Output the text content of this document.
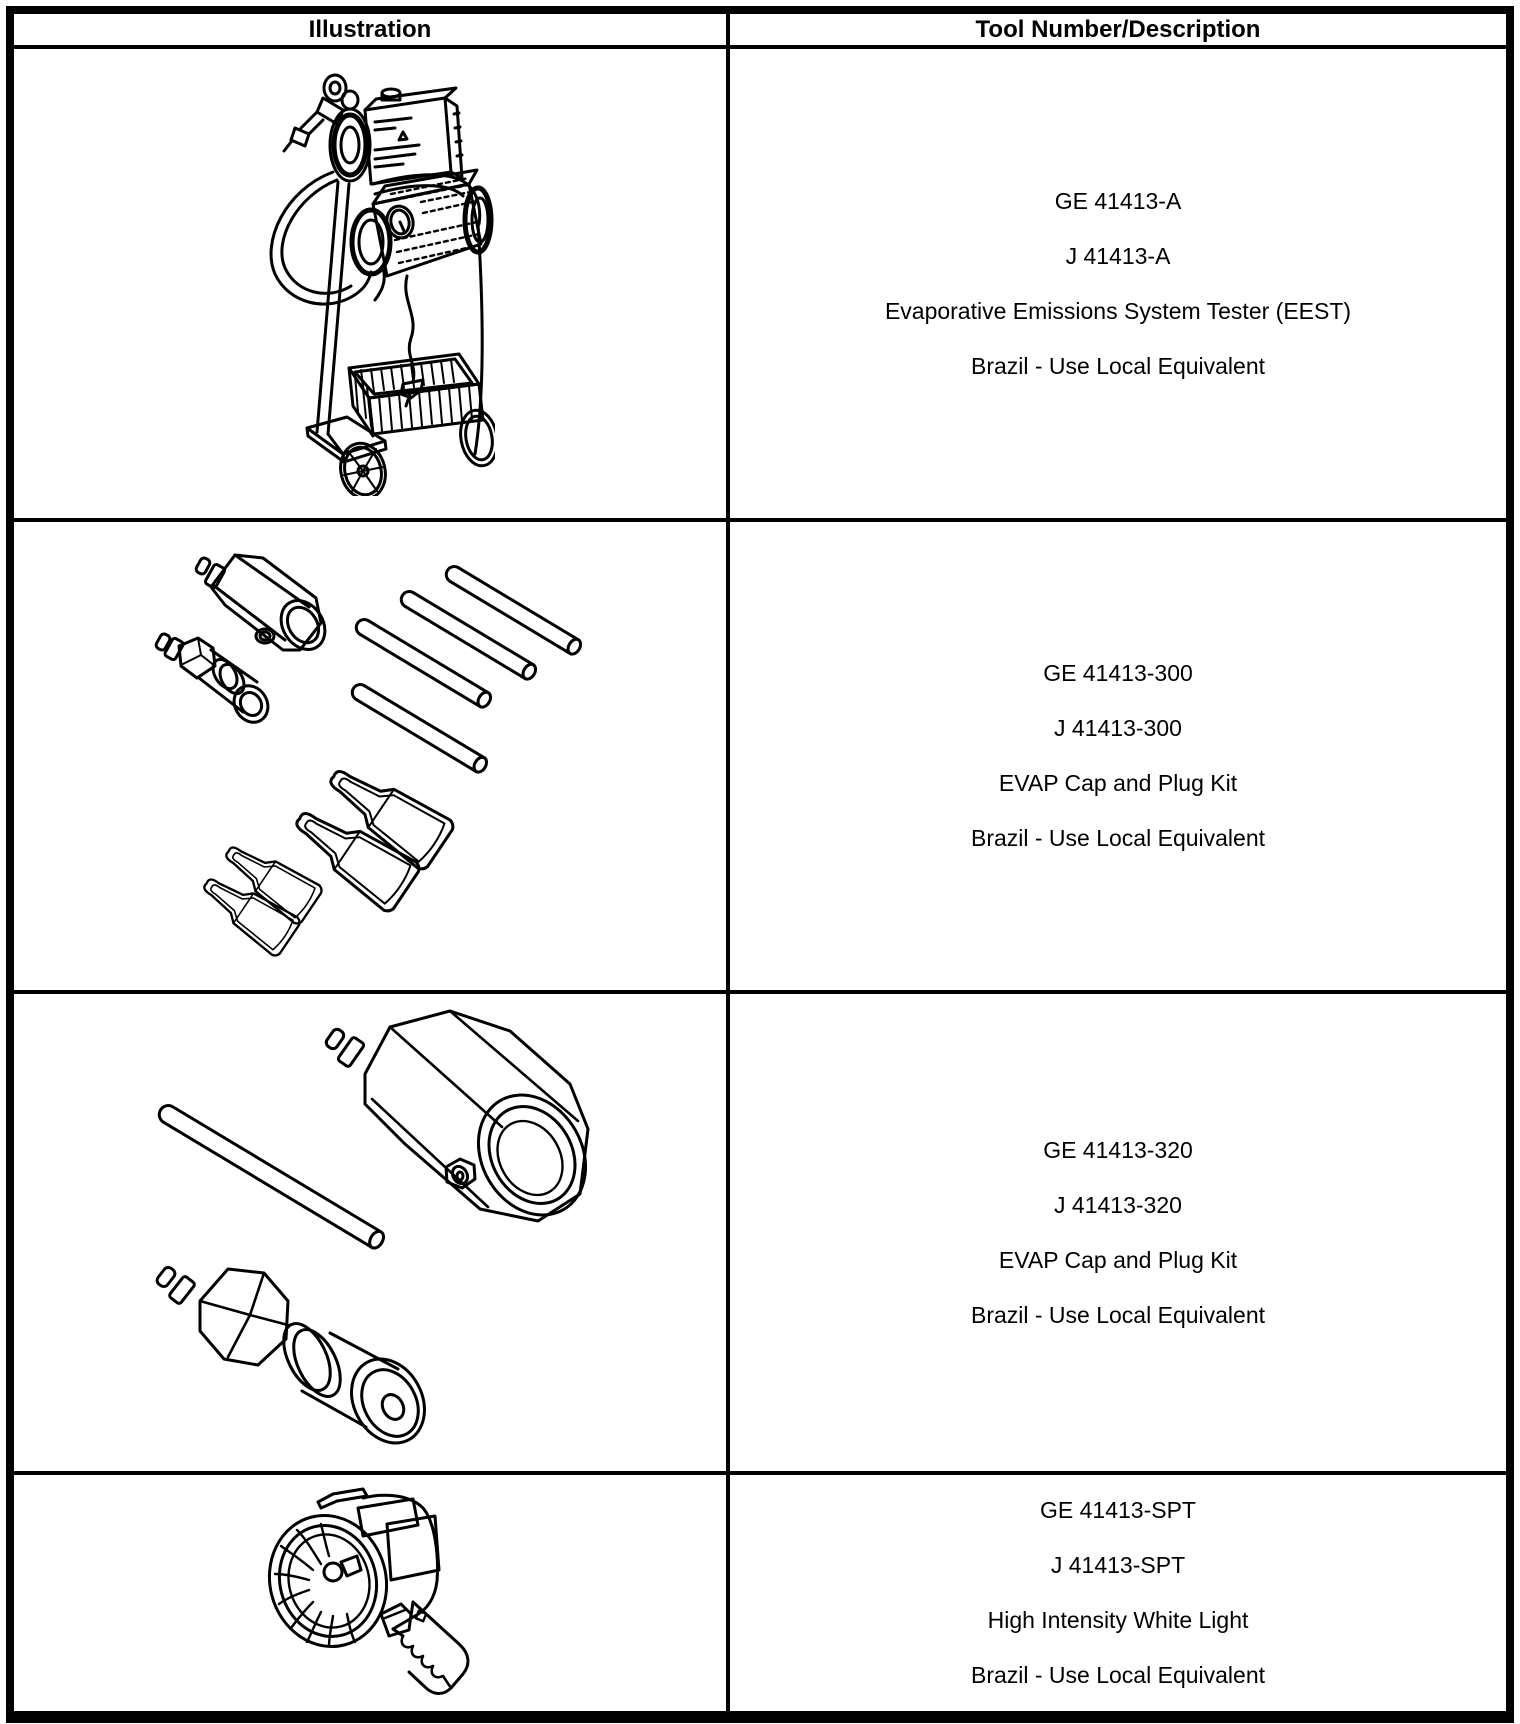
Illustration	Tool Number/Description
GE 41413-A
J 41413-A
Evaporative Emissions System Tester (EEST)
Brazil - Use Local Equivalent
GE 41413-300
J 41413-300
EVAP Cap and Plug Kit
Brazil - Use Local Equivalent
GE 41413-320
J 41413-320
EVAP Cap and Plug Kit
Brazil - Use Local Equivalent
GE 41413-SPT
J 41413-SPT
High Intensity White Light
Brazil - Use Local Equivalent
